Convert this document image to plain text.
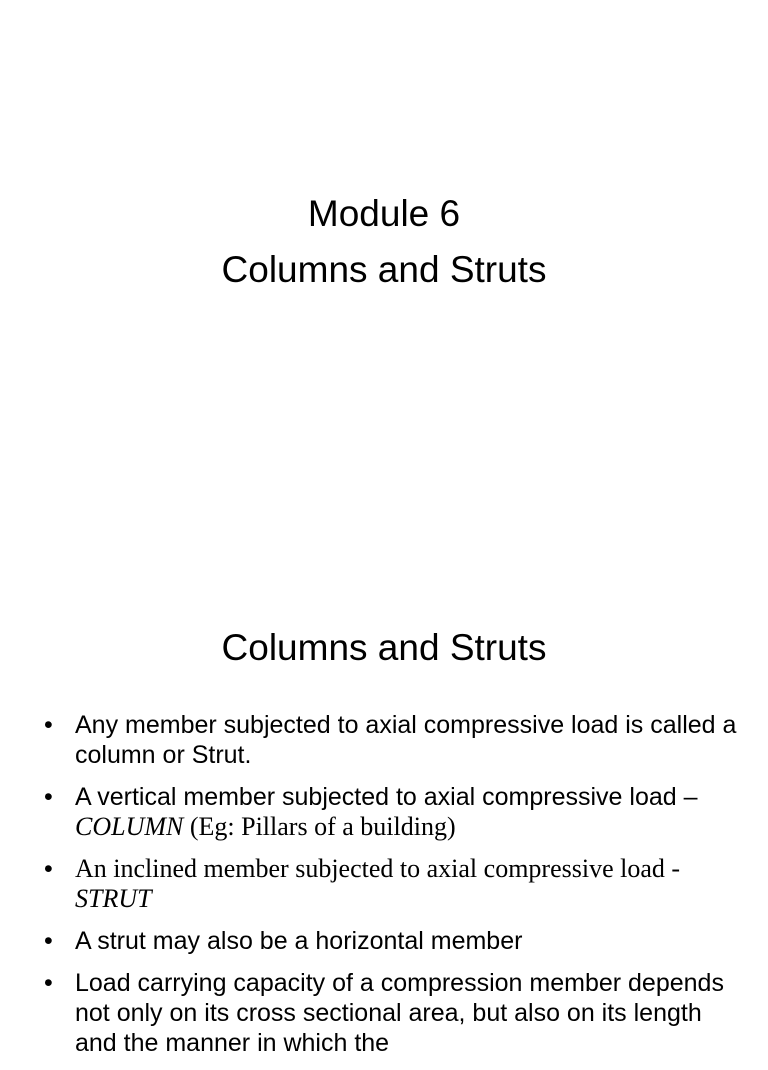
Module 6
Columns and Struts
Columns and Struts
• Any member subjected to axial compressive load is called a column or Strut.
• A vertical member subjected to axial compressive load – COLUMN (Eg: Pillars of a building)
• An inclined member subjected to axial compressive load - STRUT
• A strut may also be a horizontal member
• Load carrying capacity of a compression member depends not only on its cross sectional area, but also on its length and the manner in which the
